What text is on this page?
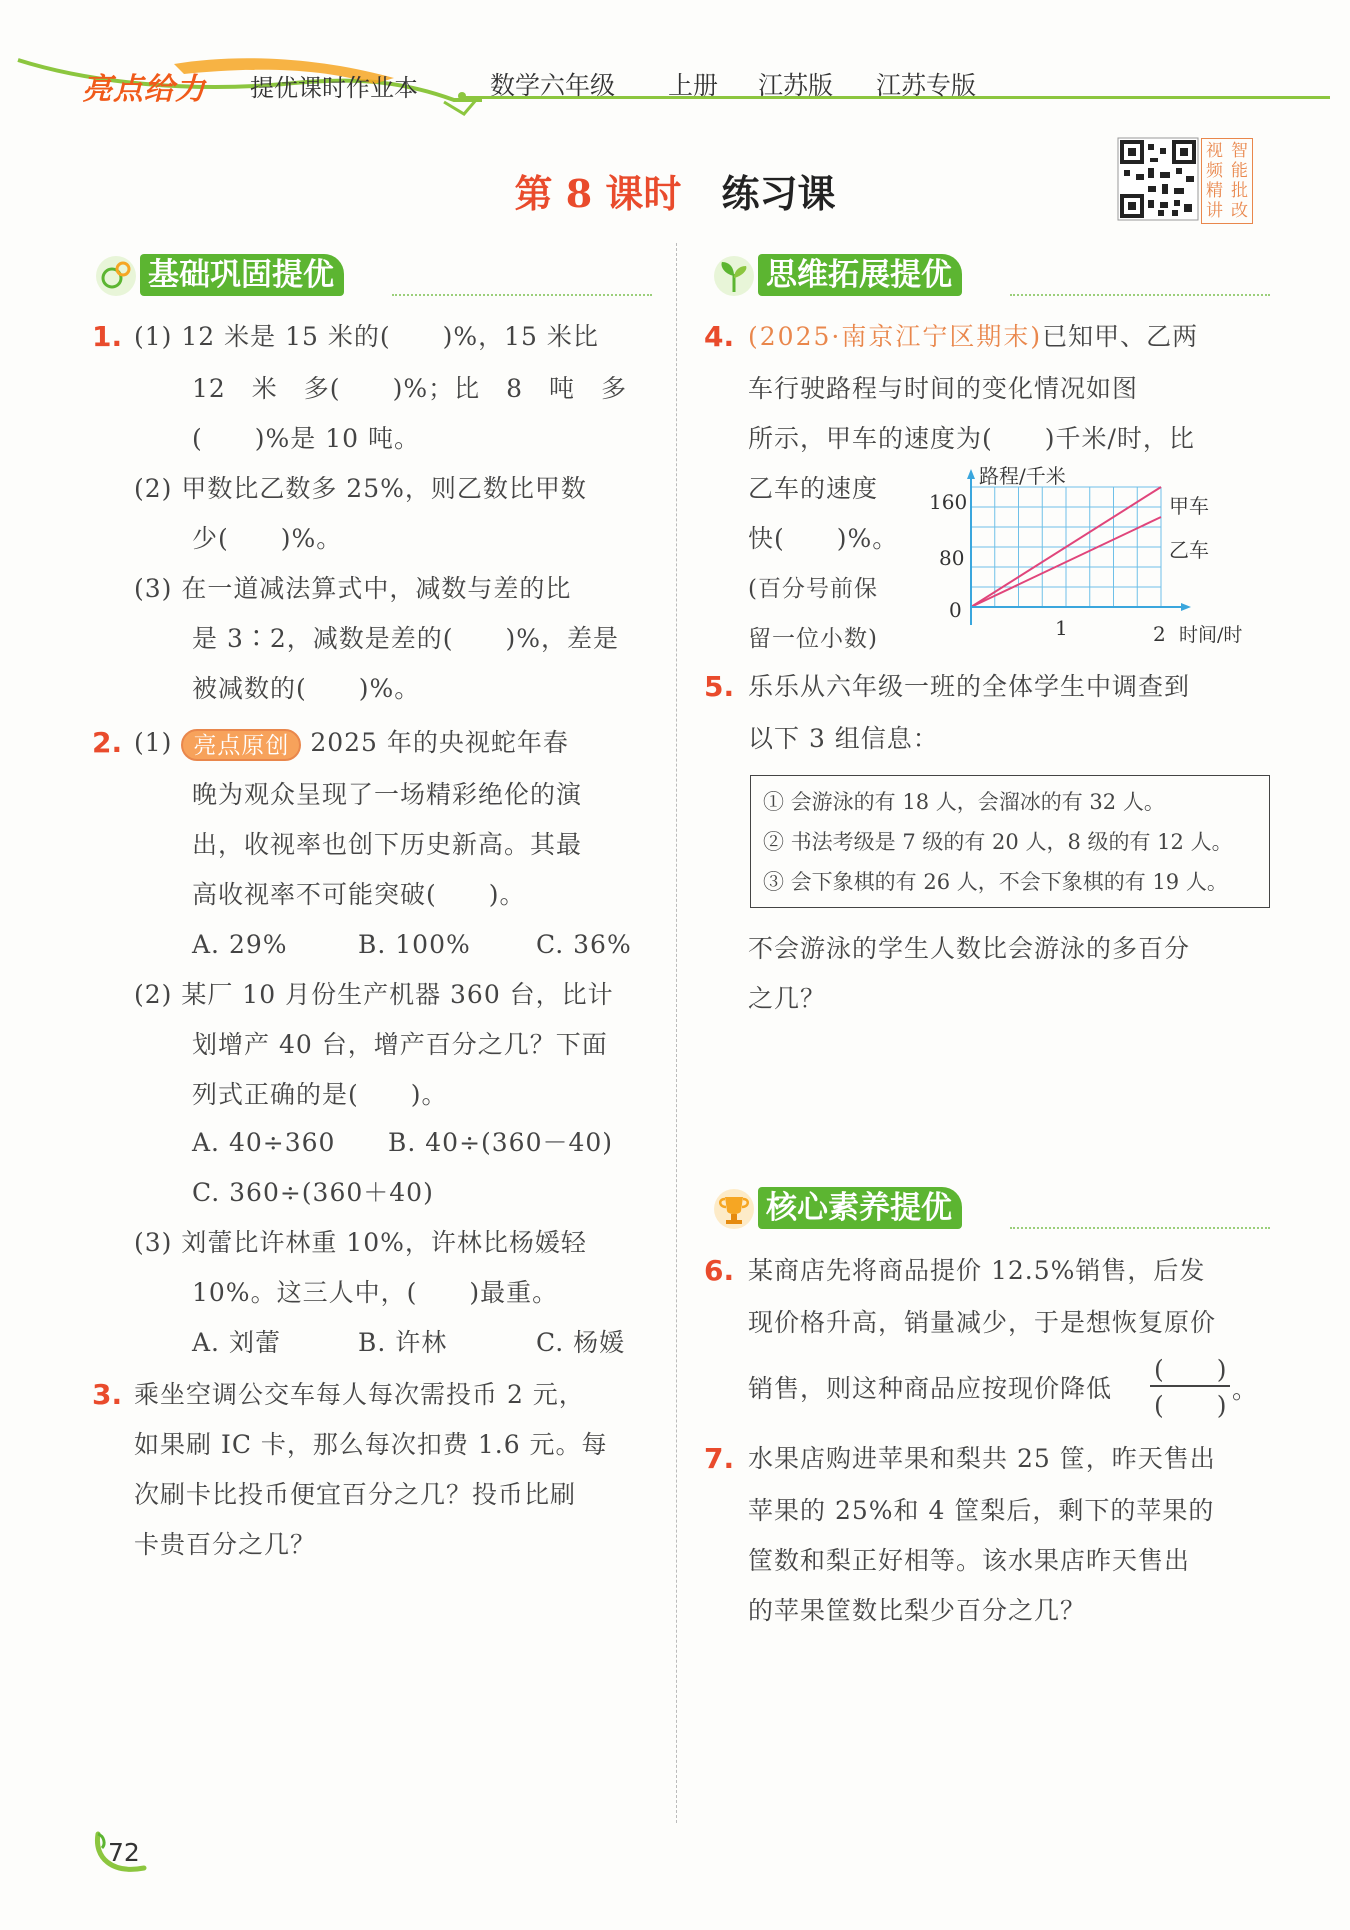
亮点给力 提优课时作业本	数学六年级 上册 江苏版 江苏专版
第 8 课时 练习课
视 智
频 能
精 批
讲 改
基础巩固提优
1. (1) 12 米是 15 米的(　　)%，15 米比
12　米　多(　　)%；比　8　吨　多
(　　)%是 10 吨。
(2) 甲数比乙数多 25%，则乙数比甲数
少(　　)%。
(3) 在一道减法算式中，减数与差的比
是 3∶2，减数是差的(　　)%，差是
被减数的(　　)%。
2. (1) 亮点原创 2025 年的央视蛇年春
晚为观众呈现了一场精彩绝伦的演
出，收视率也创下历史新高。其最
高收视率不可能突破(　　)。
A. 29%	B. 100%	C. 36%
(2) 某厂 10 月份生产机器 360 台，比计
划增产 40 台，增产百分之几？下面
列式正确的是(　　)。
A. 40÷360 B. 40÷(360－40)
C. 360÷(360＋40)
(3) 刘蕾比许林重 10%，许林比杨媛轻
10%。这三人中，(　　)最重。
A. 刘蕾	B. 许林	C. 杨媛
3. 乘坐空调公交车每人每次需投币 2 元，
如果刷 IC 卡，那么每次扣费 1.6 元。每
次刷卡比投币便宜百分之几？投币比刷
卡贵百分之几？
思维拓展提优
4. (2025·南京江宁区期末)已知甲、乙两
车行驶路程与时间的变化情况如图
所示，甲车的速度为(　　)千米/时，比
乙车的速度
快(　　)%。
(百分号前保
留一位小数)
路程/千米
时间/时
160
80
0
1	2
甲车
乙车
5. 乐乐从六年级一班的全体学生中调查到
以下 3 组信息：
① 会游泳的有 18 人，会溜冰的有 32 人。
② 书法考级是 7 级的有 20 人，8 级的有 12 人。
③ 会下象棋的有 26 人，不会下象棋的有 19 人。
不会游泳的学生人数比会游泳的多百分
之几？
核心素养提优
6. 某商店先将商品提价 12.5%销售，后发
现价格升高，销量减少，于是想恢复原价
销售，则这种商品应按现价降低
(　　)
(　　)
。
7. 水果店购进苹果和梨共 25 筐，昨天售出
苹果的 25%和 4 筐梨后，剩下的苹果的
筐数和梨正好相等。该水果店昨天售出
的苹果筐数比梨少百分之几？
72
